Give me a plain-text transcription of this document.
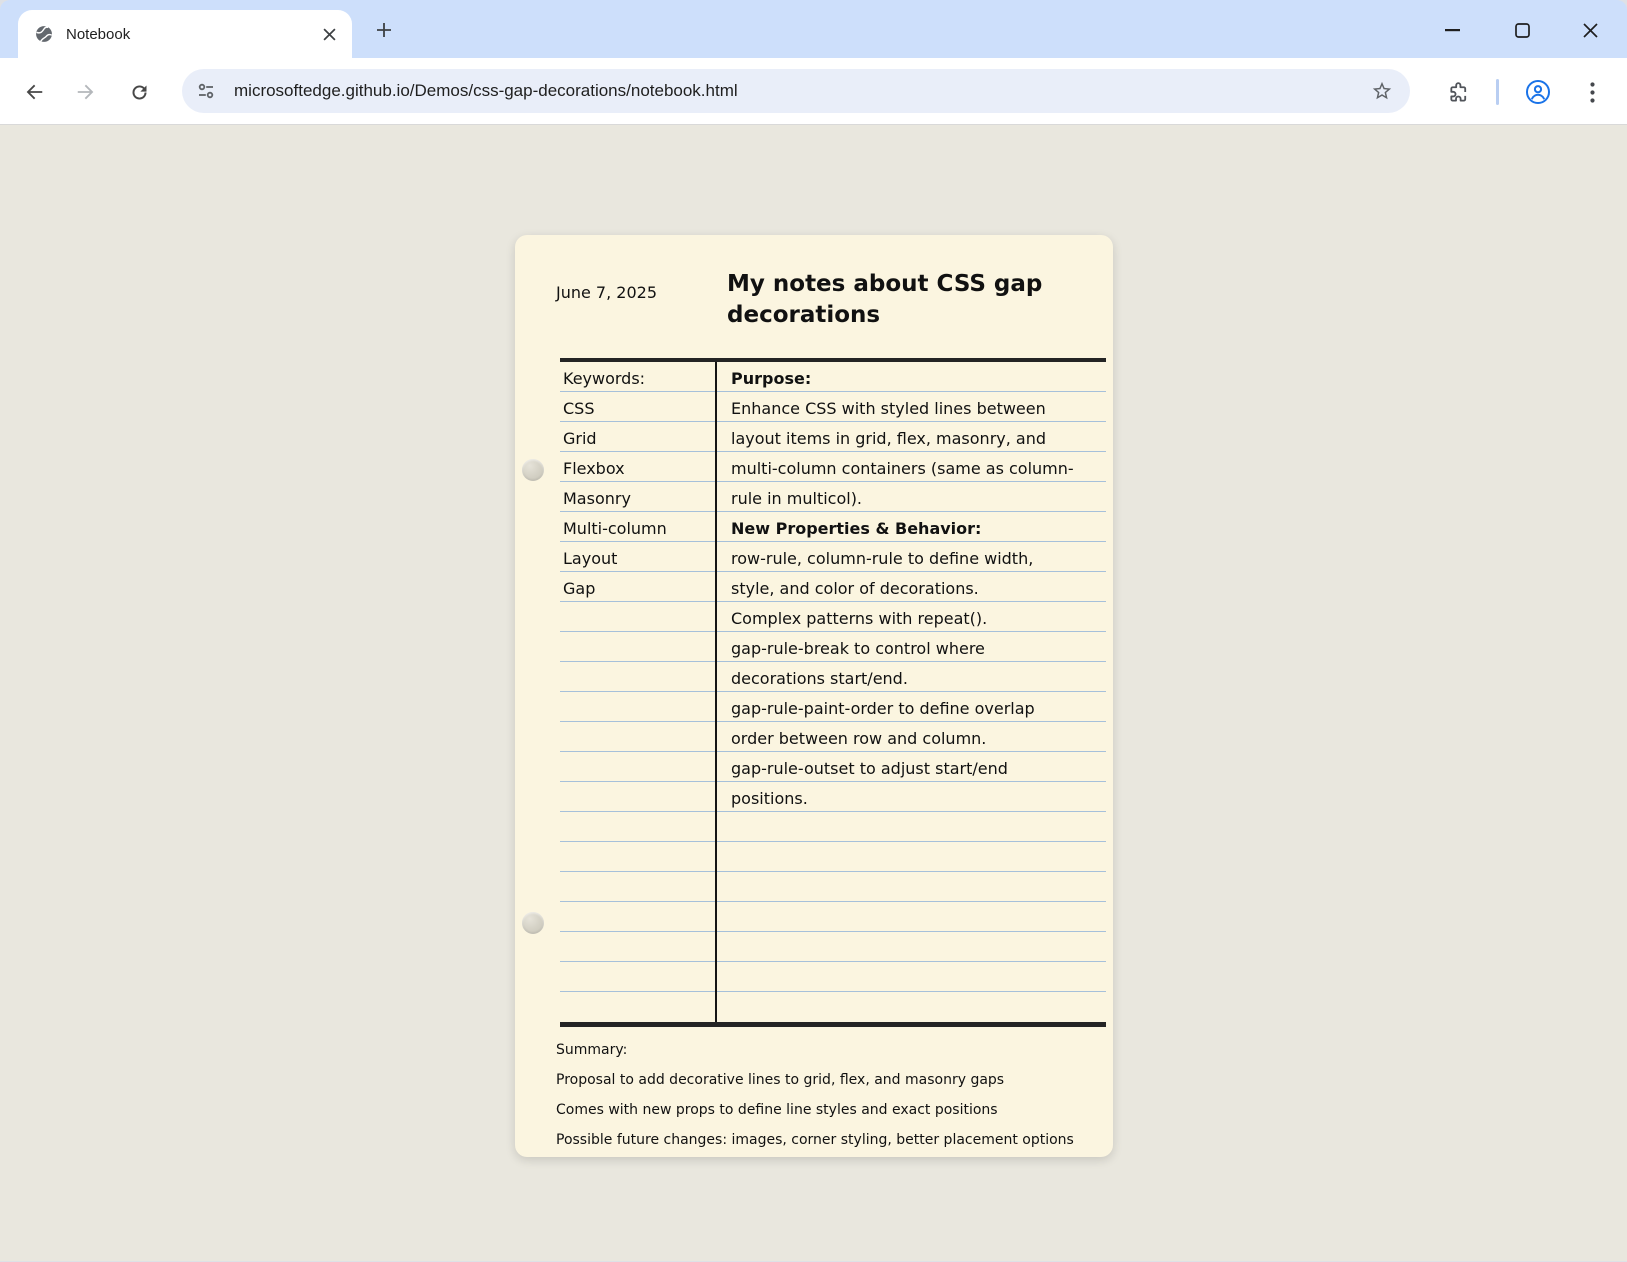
Notebook
microsoftedge.github.io/Demos/css-gap-decorations/notebook.html
June 7, 2025	My notes about CSS gap
decorations
Keywords:
CSS
Grid
Flexbox
Masonry
Multi-column
Layout
Gap
Purpose:
Enhance CSS with styled lines between
layout items in grid, flex, masonry, and
multi-column containers (same as column-
rule in multicol).
New Properties & Behavior:
row-rule, column-rule to define width,
style, and color of decorations.
Complex patterns with repeat().
gap-rule-break to control where
decorations start/end.
gap-rule-paint-order to define overlap
order between row and column.
gap-rule-outset to adjust start/end
positions.
Summary:
Proposal to add decorative lines to grid, flex, and masonry gaps
Comes with new props to define line styles and exact positions
Possible future changes: images, corner styling, better placement options
